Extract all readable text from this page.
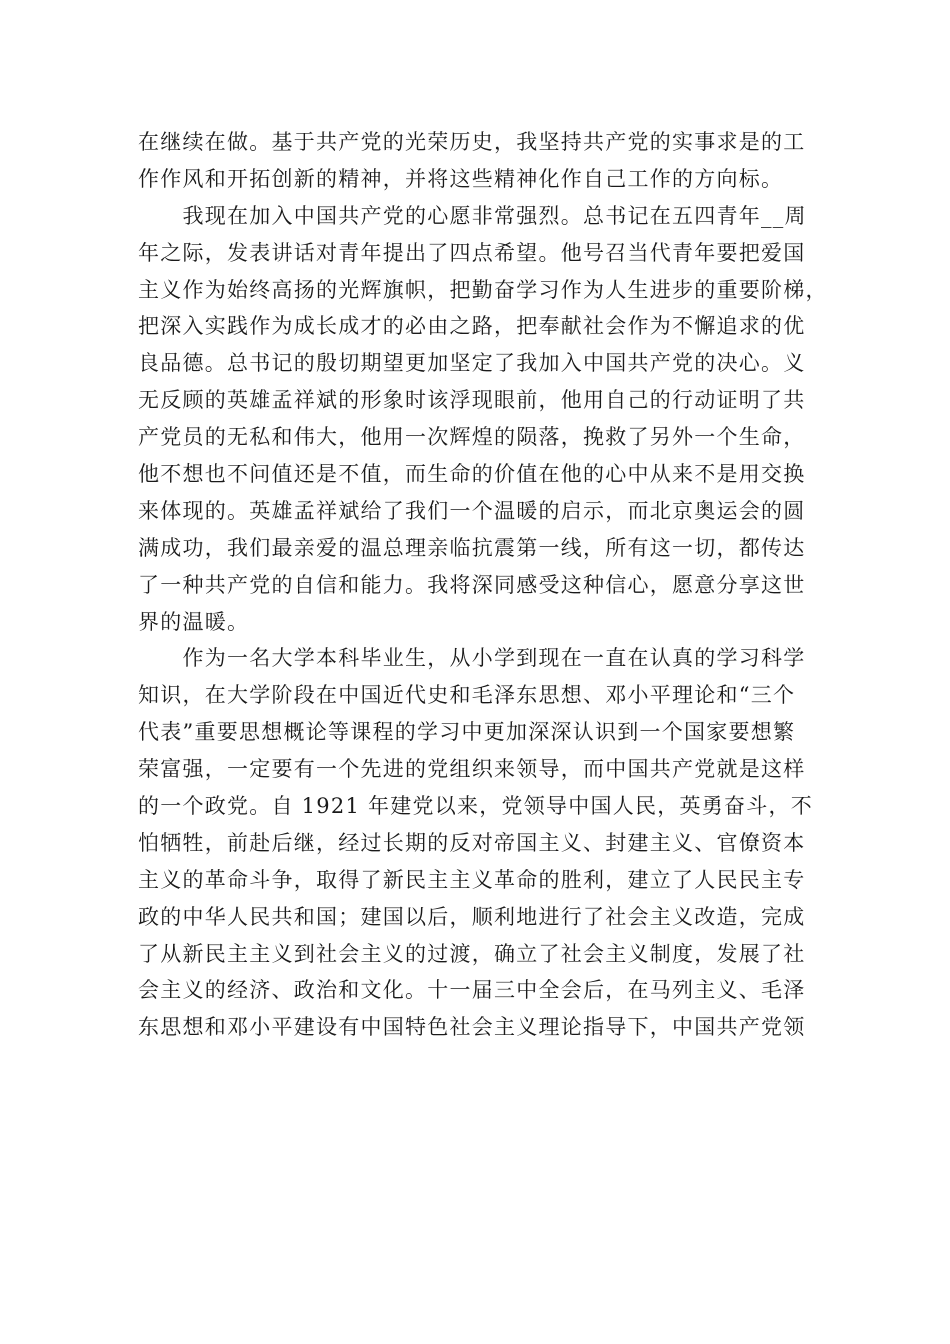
在继续在做。基于共产党的光荣历史，我坚持共产党的实事求是的工
作作风和开拓创新的精神，并将这些精神化作自己工作的方向标。
　　我现在加入中国共产党的心愿非常强烈。总书记在五四青年__周
年之际，发表讲话对青年提出了四点希望。他号召当代青年要把爱国
主义作为始终高扬的光辉旗帜，把勤奋学习作为人生进步的重要阶梯，
把深入实践作为成长成才的必由之路，把奉献社会作为不懈追求的优
良品德。总书记的殷切期望更加坚定了我加入中国共产党的决心。义
无反顾的英雄孟祥斌的形象时该浮现眼前，他用自己的行动证明了共
产党员的无私和伟大，他用一次辉煌的陨落，挽救了另外一个生命，
他不想也不问值还是不值，而生命的价值在他的心中从来不是用交换
来体现的。英雄孟祥斌给了我们一个温暖的启示，而北京奥运会的圆
满成功，我们最亲爱的温总理亲临抗震第一线，所有这一切，都传达
了一种共产党的自信和能力。我将深同感受这种信心，愿意分享这世
界的温暖。
　　作为一名大学本科毕业生，从小学到现在一直在认真的学习科学
知识，在大学阶段在中国近代史和毛泽东思想、邓小平理论和“三个
代表”重要思想概论等课程的学习中更加深深认识到一个国家要想繁
荣富强，一定要有一个先进的党组织来领导，而中国共产党就是这样
的一个政党。自 1921 年建党以来，党领导中国人民，英勇奋斗，不
怕牺牲，前赴后继，经过长期的反对帝国主义、封建主义、官僚资本
主义的革命斗争，取得了新民主主义革命的胜利，建立了人民民主专
政的中华人民共和国；建国以后，顺利地进行了社会主义改造，完成
了从新民主主义到社会主义的过渡，确立了社会主义制度，发展了社
会主义的经济、政治和文化。十一届三中全会后，在马列主义、毛泽
东思想和邓小平建设有中国特色社会主义理论指导下，中国共产党领
